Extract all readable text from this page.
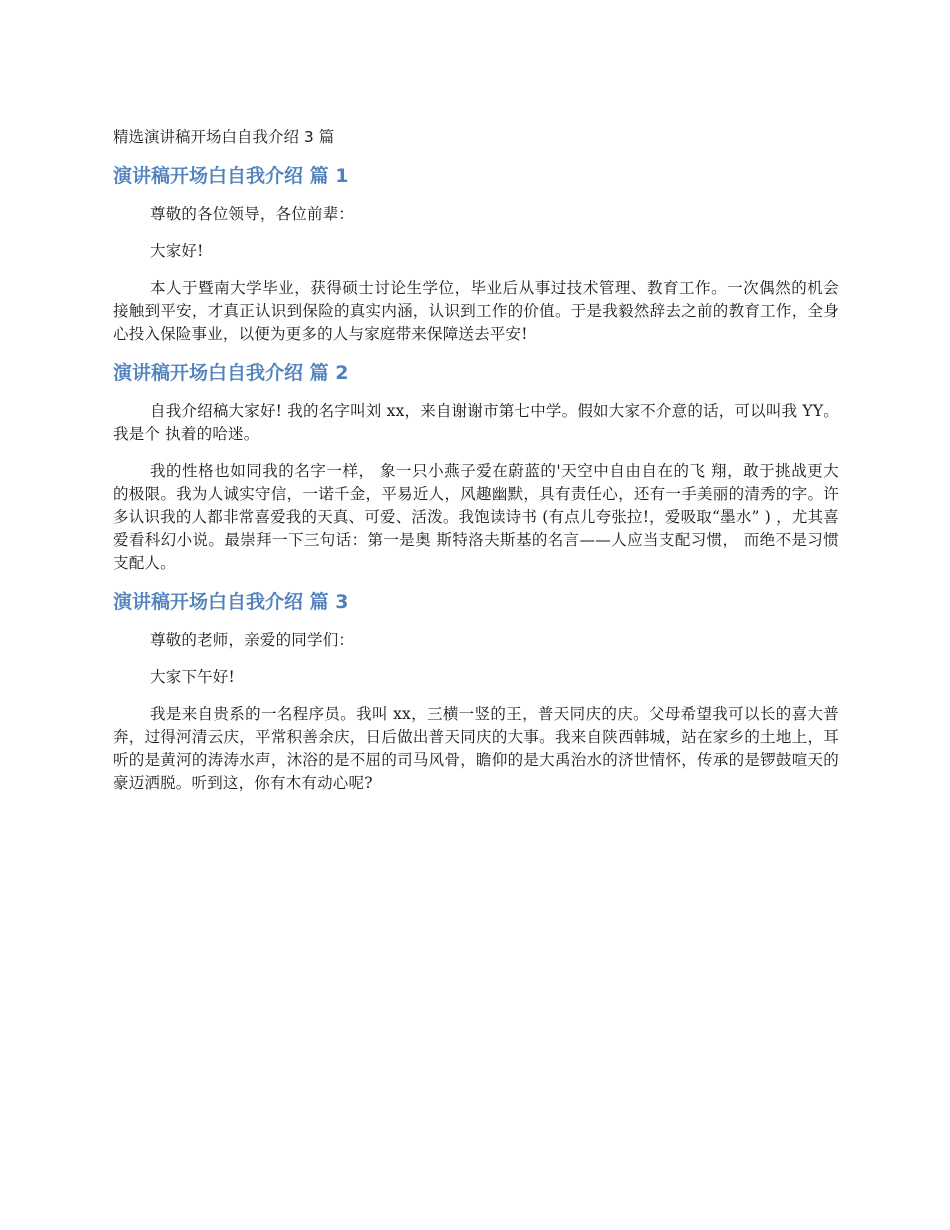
精选演讲稿开场白自我介绍 3 篇
演讲稿开场白自我介绍 篇 1

尊敬的各位领导，各位前辈：

大家好!

本人于暨南大学毕业，获得硕士讨论生学位，毕业后从事过技术管理、教育工作。一次偶然的机会接触到平安，才真正认识到保险的真实内涵，认识到工作的价值。于是我毅然辞去之前的教育工作，全身心投入保险事业，以便为更多的人与家庭带来保障送去平安!

演讲稿开场白自我介绍 篇 2

自我介绍稿大家好! 我的名字叫刘 xx，来自谢谢市第七中学。假如大家不介意的话，可以叫我 YY。我是个 执着的哈迷。

我的性格也如同我的名字一样， 象一只小燕子爱在蔚蓝的'天空中自由自在的飞 翔，敢于挑战更大的极限。我为人诚实守信，一诺千金，平易近人，风趣幽默，具有责任心，还有一手美丽的清秀的字。许多认识我的人都非常喜爱我的天真、可爱、活泼。我饱读诗书 (有点儿夸张拉!，爱吸取“墨水” ) ，尤其喜爱看科幻小说。最崇拜一下三句话：第一是奥 斯特洛夫斯基的名言——人应当支配习惯， 而绝不是习惯支配人。

演讲稿开场白自我介绍 篇 3

尊敬的老师，亲爱的同学们：

大家下午好!

我是来自贵系的一名程序员。我叫 xx，三横一竖的王，普天同庆的庆。父母希望我可以长的喜大普奔，过得河清云庆，平常积善余庆，日后做出普天同庆的大事。我来自陕西韩城，站在家乡的土地上，耳听的是黄河的涛涛水声，沐浴的是不屈的司马风骨，瞻仰的是大禹治水的济世情怀，传承的是锣鼓喧天的豪迈洒脱。听到这，你有木有动心呢?
